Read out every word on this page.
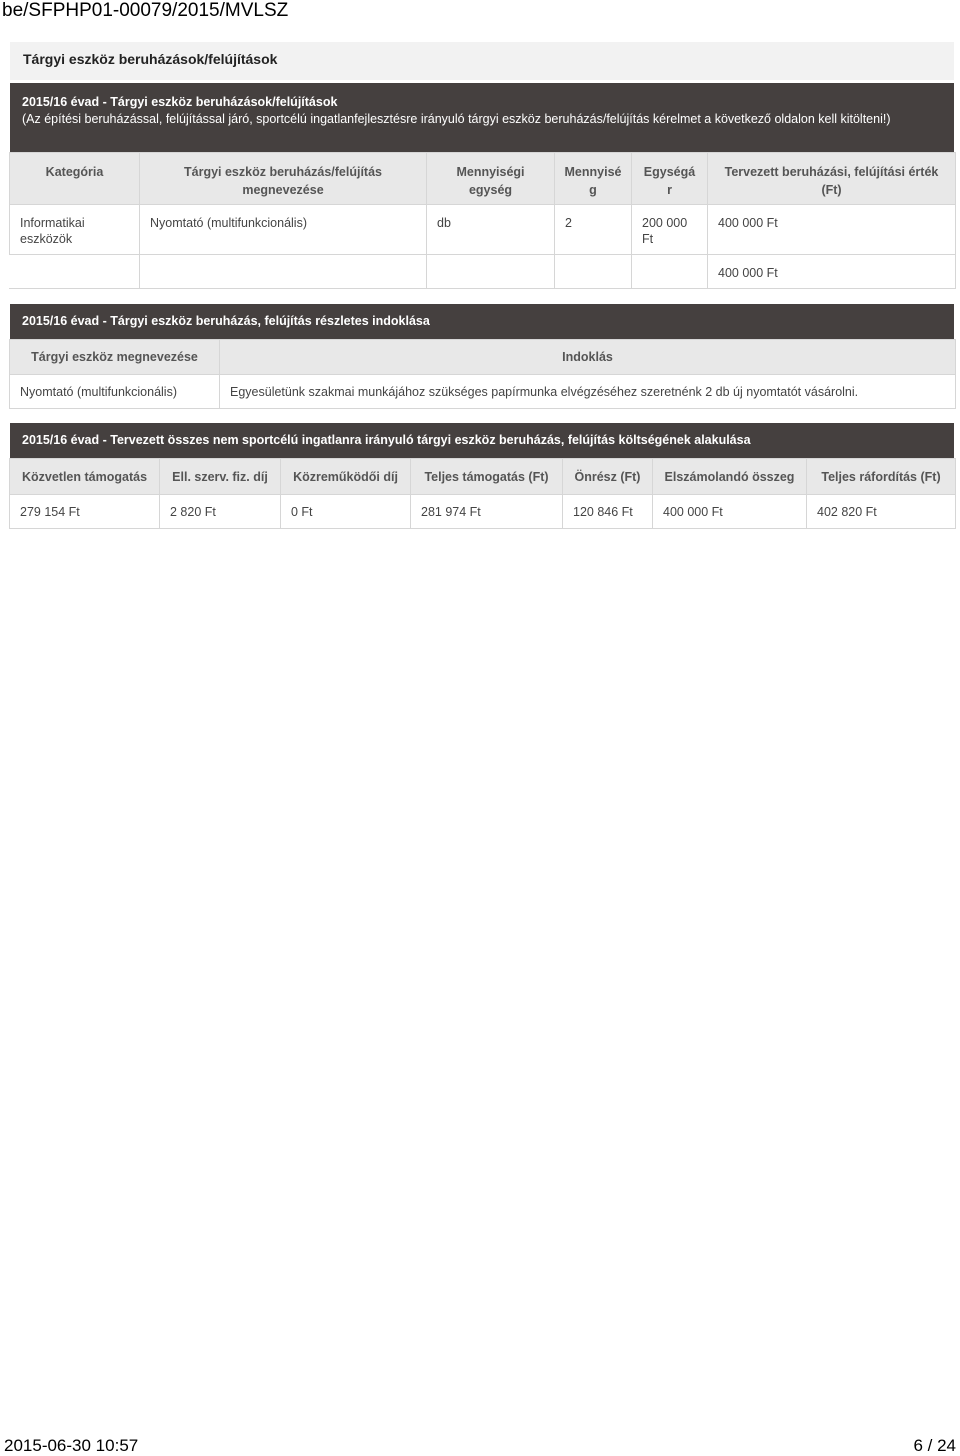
be/SFPHP01-00079/2015/MVLSZ
Tárgyi eszköz beruházások/felújítások
2015/16 évad - Tárgyi eszköz beruházások/felújítások
(Az építési beruházással, felújítással járó, sportcélú ingatlanfejlesztésre irányuló tárgyi eszköz beruházás/felújítás kérelmet a következő oldalon kell kitölteni!)
Kategória	Tárgyi eszköz beruházás/felújítás megnevezése	Mennyiségi egység	Mennyisé g	Egységá r	Tervezett beruházási, felújítási érték (Ft)
Informatikai eszközök	Nyomtató (multifunkcionális)	db	2	200 000 Ft	400 000 Ft
					400 000 Ft
2015/16 évad - Tárgyi eszköz beruházás, felújítás részletes indoklása
Tárgyi eszköz megnevezése	Indoklás
Nyomtató (multifunkcionális)	Egyesületünk szakmai munkájához szükséges papírmunka elvégzéséhez szeretnénk 2 db új nyomtatót vásárolni.
2015/16 évad - Tervezett összes nem sportcélú ingatlanra irányuló tárgyi eszköz beruházás, felújítás költségének alakulása
Közvetlen támogatás	Ell. szerv. fiz. díj	Közreműködői díj	Teljes támogatás (Ft)	Önrész (Ft)	Elszámolandó összeg	Teljes ráfordítás (Ft)
279 154 Ft	2 820 Ft	0 Ft	281 974 Ft	120 846 Ft	400 000 Ft	402 820 Ft
2015-06-30 10:57	6 / 24
